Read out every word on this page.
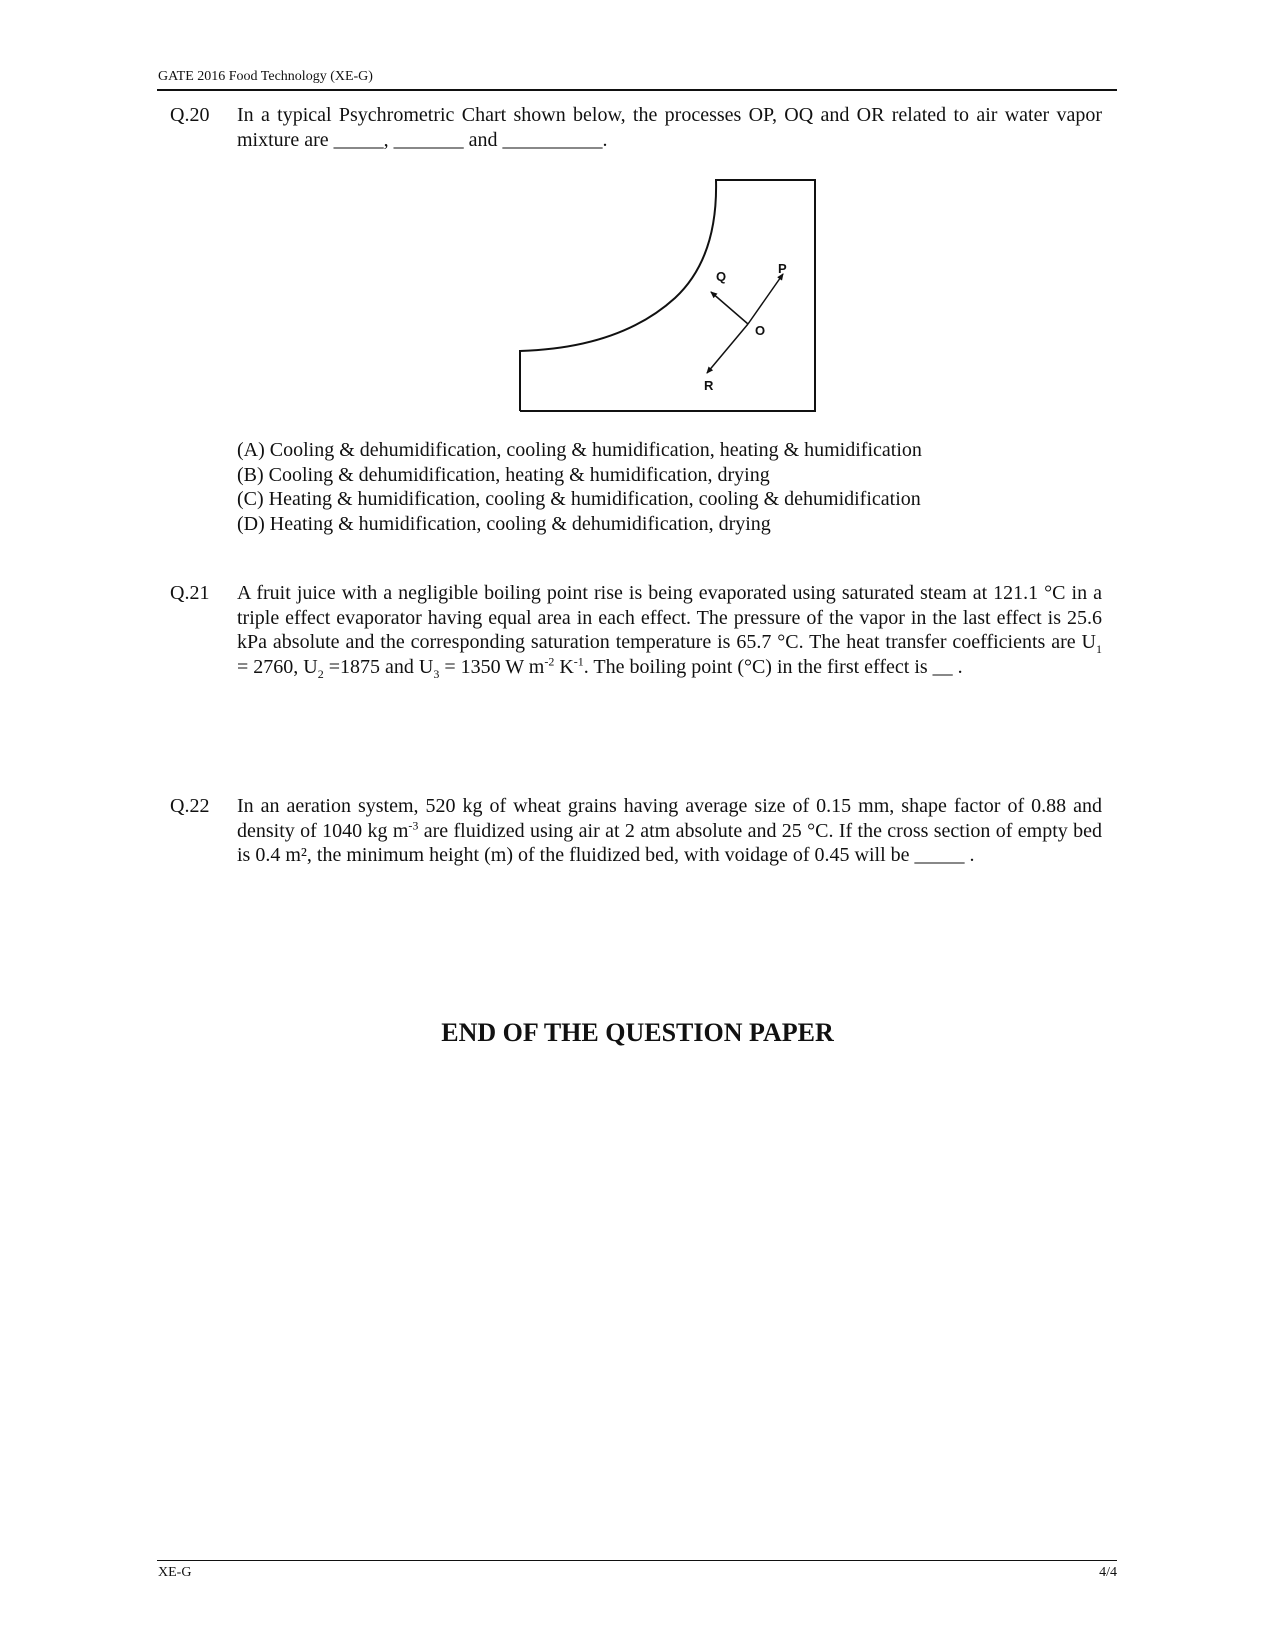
GATE 2016 Food Technology (XE-G)
Q.20 In a typical Psychrometric Chart shown below, the processes OP, OQ and OR related to air water vapor mixture are _____, _______ and __________.
P
Q
O
R
(A) Cooling & dehumidification, cooling & humidification, heating & humidification
(B) Cooling & dehumidification, heating & humidification, drying
(C) Heating & humidification, cooling & humidification, cooling & dehumidification
(D) Heating & humidification, cooling & dehumidification, drying
Q.21 A fruit juice with a negligible boiling point rise is being evaporated using saturated steam at 121.1 °C in a triple effect evaporator having equal area in each effect. The pressure of the vapor in the last effect is 25.6 kPa absolute and the corresponding saturation temperature is 65.7 °C. The heat transfer coefficients are $U_1 = 2760$, $U_2 =1875$ and $U_3 = 1350$ W $m^{-2}$ $K^{-1}$. The boiling point (°C) in the first effect is __ .
Q.22 In an aeration system, 520 kg of wheat grains having average size of 0.15 mm, shape factor of 0.88 and density of 1040 kg $m^{-3}$ are fluidized using air at 2 atm absolute and 25 °C. If the cross section of empty bed is 0.4 m², the minimum height (m) of the fluidized bed, with voidage of 0.45 will be _____ .
END OF THE QUESTION PAPER
XE-G	4/4
